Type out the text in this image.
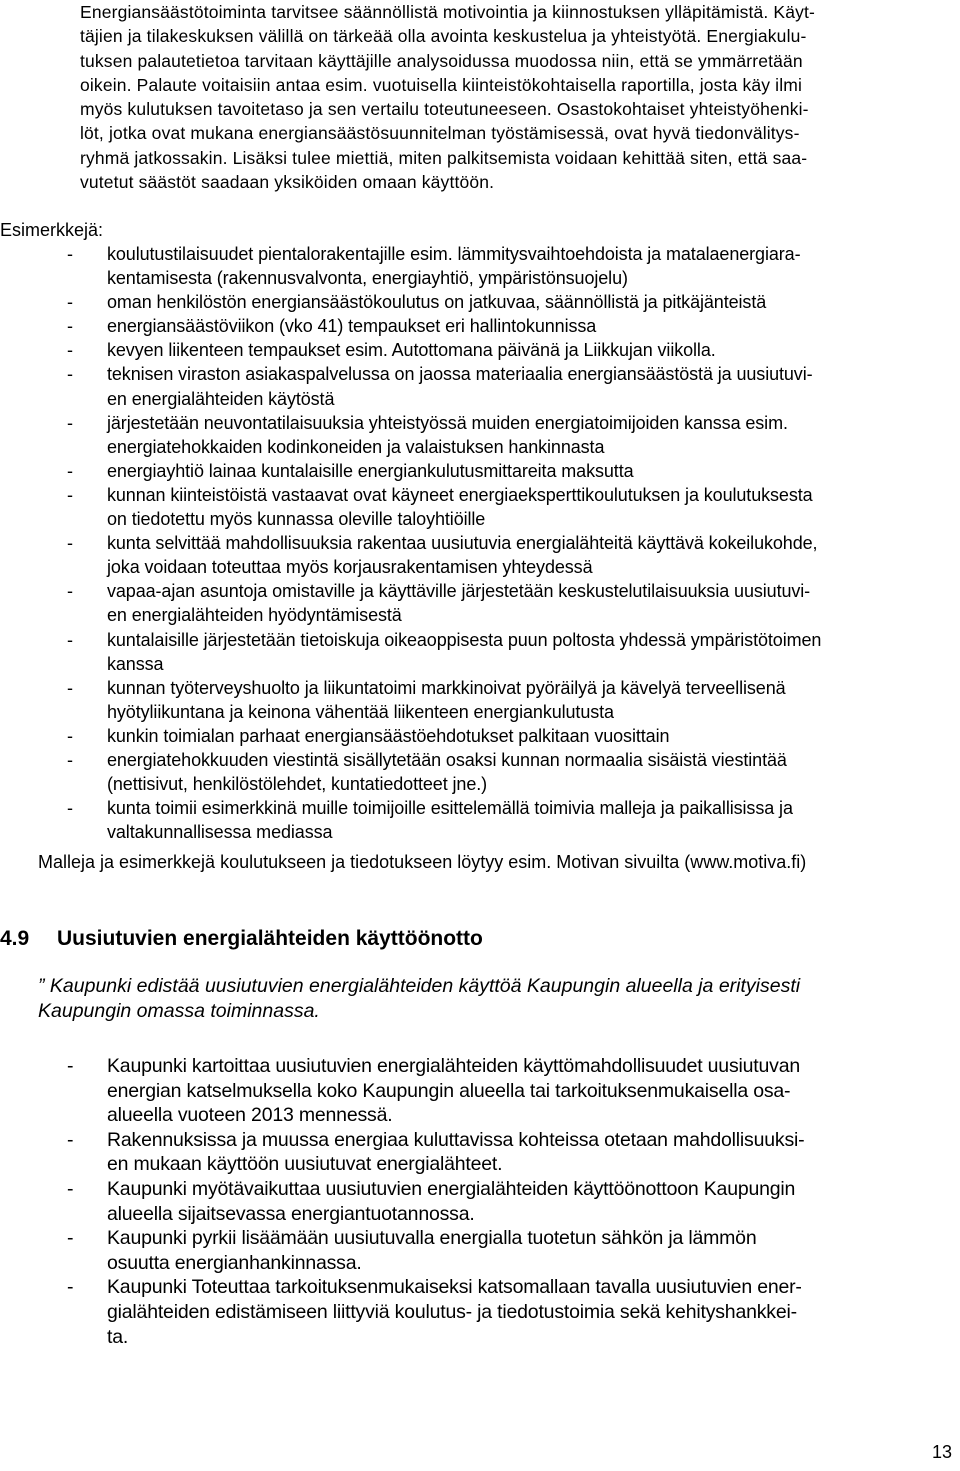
Energiansäästötoiminta tarvitsee säännöllistä motivointia ja kiinnostuksen ylläpitämistä. Käyt-
täjien ja tilakeskuksen välillä on tärkeää olla avointa keskustelua ja yhteistyötä. Energiakulu-
tuksen palautetietoa tarvitaan käyttäjille analysoidussa muodossa niin, että se ymmärretään
oikein. Palaute voitaisiin antaa esim. vuotuisella kiinteistökohtaisella raportilla, josta käy ilmi
myös kulutuksen tavoitetaso ja sen vertailu toteutuneeseen. Osastokohtaiset yhteistyöhenki-
löt, jotka ovat mukana energiansäästösuunnitelman työstämisessä, ovat hyvä tiedonvälitys-
ryhmä jatkossakin. Lisäksi tulee miettiä, miten palkitsemista voidaan kehittää siten, että saa-
vutetut säästöt saadaan yksiköiden omaan käyttöön.
Esimerkkejä:
- koulutustilaisuudet pientalorakentajille esim. lämmitysvaihtoehdoista ja matalaenergiara-
kentamisesta (rakennusvalvonta, energiayhtiö, ympäristönsuojelu)
- oman henkilöstön energiansäästökoulutus on jatkuvaa, säännöllistä ja pitkäjänteistä
- energiansäästöviikon (vko 41) tempaukset eri hallintokunnissa
- kevyen liikenteen tempaukset esim. Autottomana päivänä ja Liikkujan viikolla.
- teknisen viraston asiakaspalvelussa on jaossa materiaalia energiansäästöstä ja uusiutuvi-
en energialähteiden käytöstä
- järjestetään neuvontatilaisuuksia yhteistyössä muiden energiatoimijoiden kanssa esim.
energiatehokkaiden kodinkoneiden ja valaistuksen hankinnasta
- energiayhtiö lainaa kuntalaisille energiankulutusmittareita maksutta
- kunnan kiinteistöistä vastaavat ovat käyneet energiaeksperttikoulutuksen ja koulutuksesta
on tiedotettu myös kunnassa oleville taloyhtiöille
- kunta selvittää mahdollisuuksia rakentaa uusiutuvia energialähteitä käyttävä kokeilukohde,
joka voidaan toteuttaa myös korjausrakentamisen yhteydessä
- vapaa-ajan asuntoja omistaville ja käyttäville järjestetään keskustelutilaisuuksia uusiutuvi-
en energialähteiden hyödyntämisestä
- kuntalaisille järjestetään tietoiskuja oikeaoppisesta puun poltosta yhdessä ympäristötoimen
kanssa
- kunnan työterveyshuolto ja liikuntatoimi markkinoivat pyöräilyä ja kävelyä terveellisenä
hyötyliikuntana ja keinona vähentää liikenteen energiankulutusta
- kunkin toimialan parhaat energiansäästöehdotukset palkitaan vuosittain
- energiatehokkuuden viestintä sisällytetään osaksi kunnan normaalia sisäistä viestintää
(nettisivut, henkilöstölehdet, kuntatiedotteet jne.)
- kunta toimii esimerkkinä muille toimijoille esittelemällä toimivia malleja ja paikallisissa ja
valtakunnallisessa mediassa
Malleja ja esimerkkejä koulutukseen ja tiedotukseen löytyy esim. Motivan sivuilta (www.motiva.fi)
4.9 Uusiutuvien energialähteiden käyttöönotto
” Kaupunki edistää uusiutuvien energialähteiden käyttöä Kaupungin alueella ja erityisesti
Kaupungin omassa toiminnassa.
- Kaupunki kartoittaa uusiutuvien energialähteiden käyttömahdollisuudet uusiutuvan
energian katselmuksella koko Kaupungin alueella tai tarkoituksenmukaisella osa-
alueella vuoteen 2013 mennessä.
- Rakennuksissa ja muussa energiaa kuluttavissa kohteissa otetaan mahdollisuuksi-
en mukaan käyttöön uusiutuvat energialähteet.
- Kaupunki myötävaikuttaa uusiutuvien energialähteiden käyttöönottoon Kaupungin
alueella sijaitsevassa energiantuotannossa.
- Kaupunki pyrkii lisäämään uusiutuvalla energialla tuotetun sähkön ja lämmön
osuutta energianhankinnassa.
- Kaupunki Toteuttaa tarkoituksenmukaiseksi katsomallaan tavalla uusiutuvien ener-
gialähteiden edistämiseen liittyviä koulutus- ja tiedotustoimia sekä kehityshankkei-
ta.
13
